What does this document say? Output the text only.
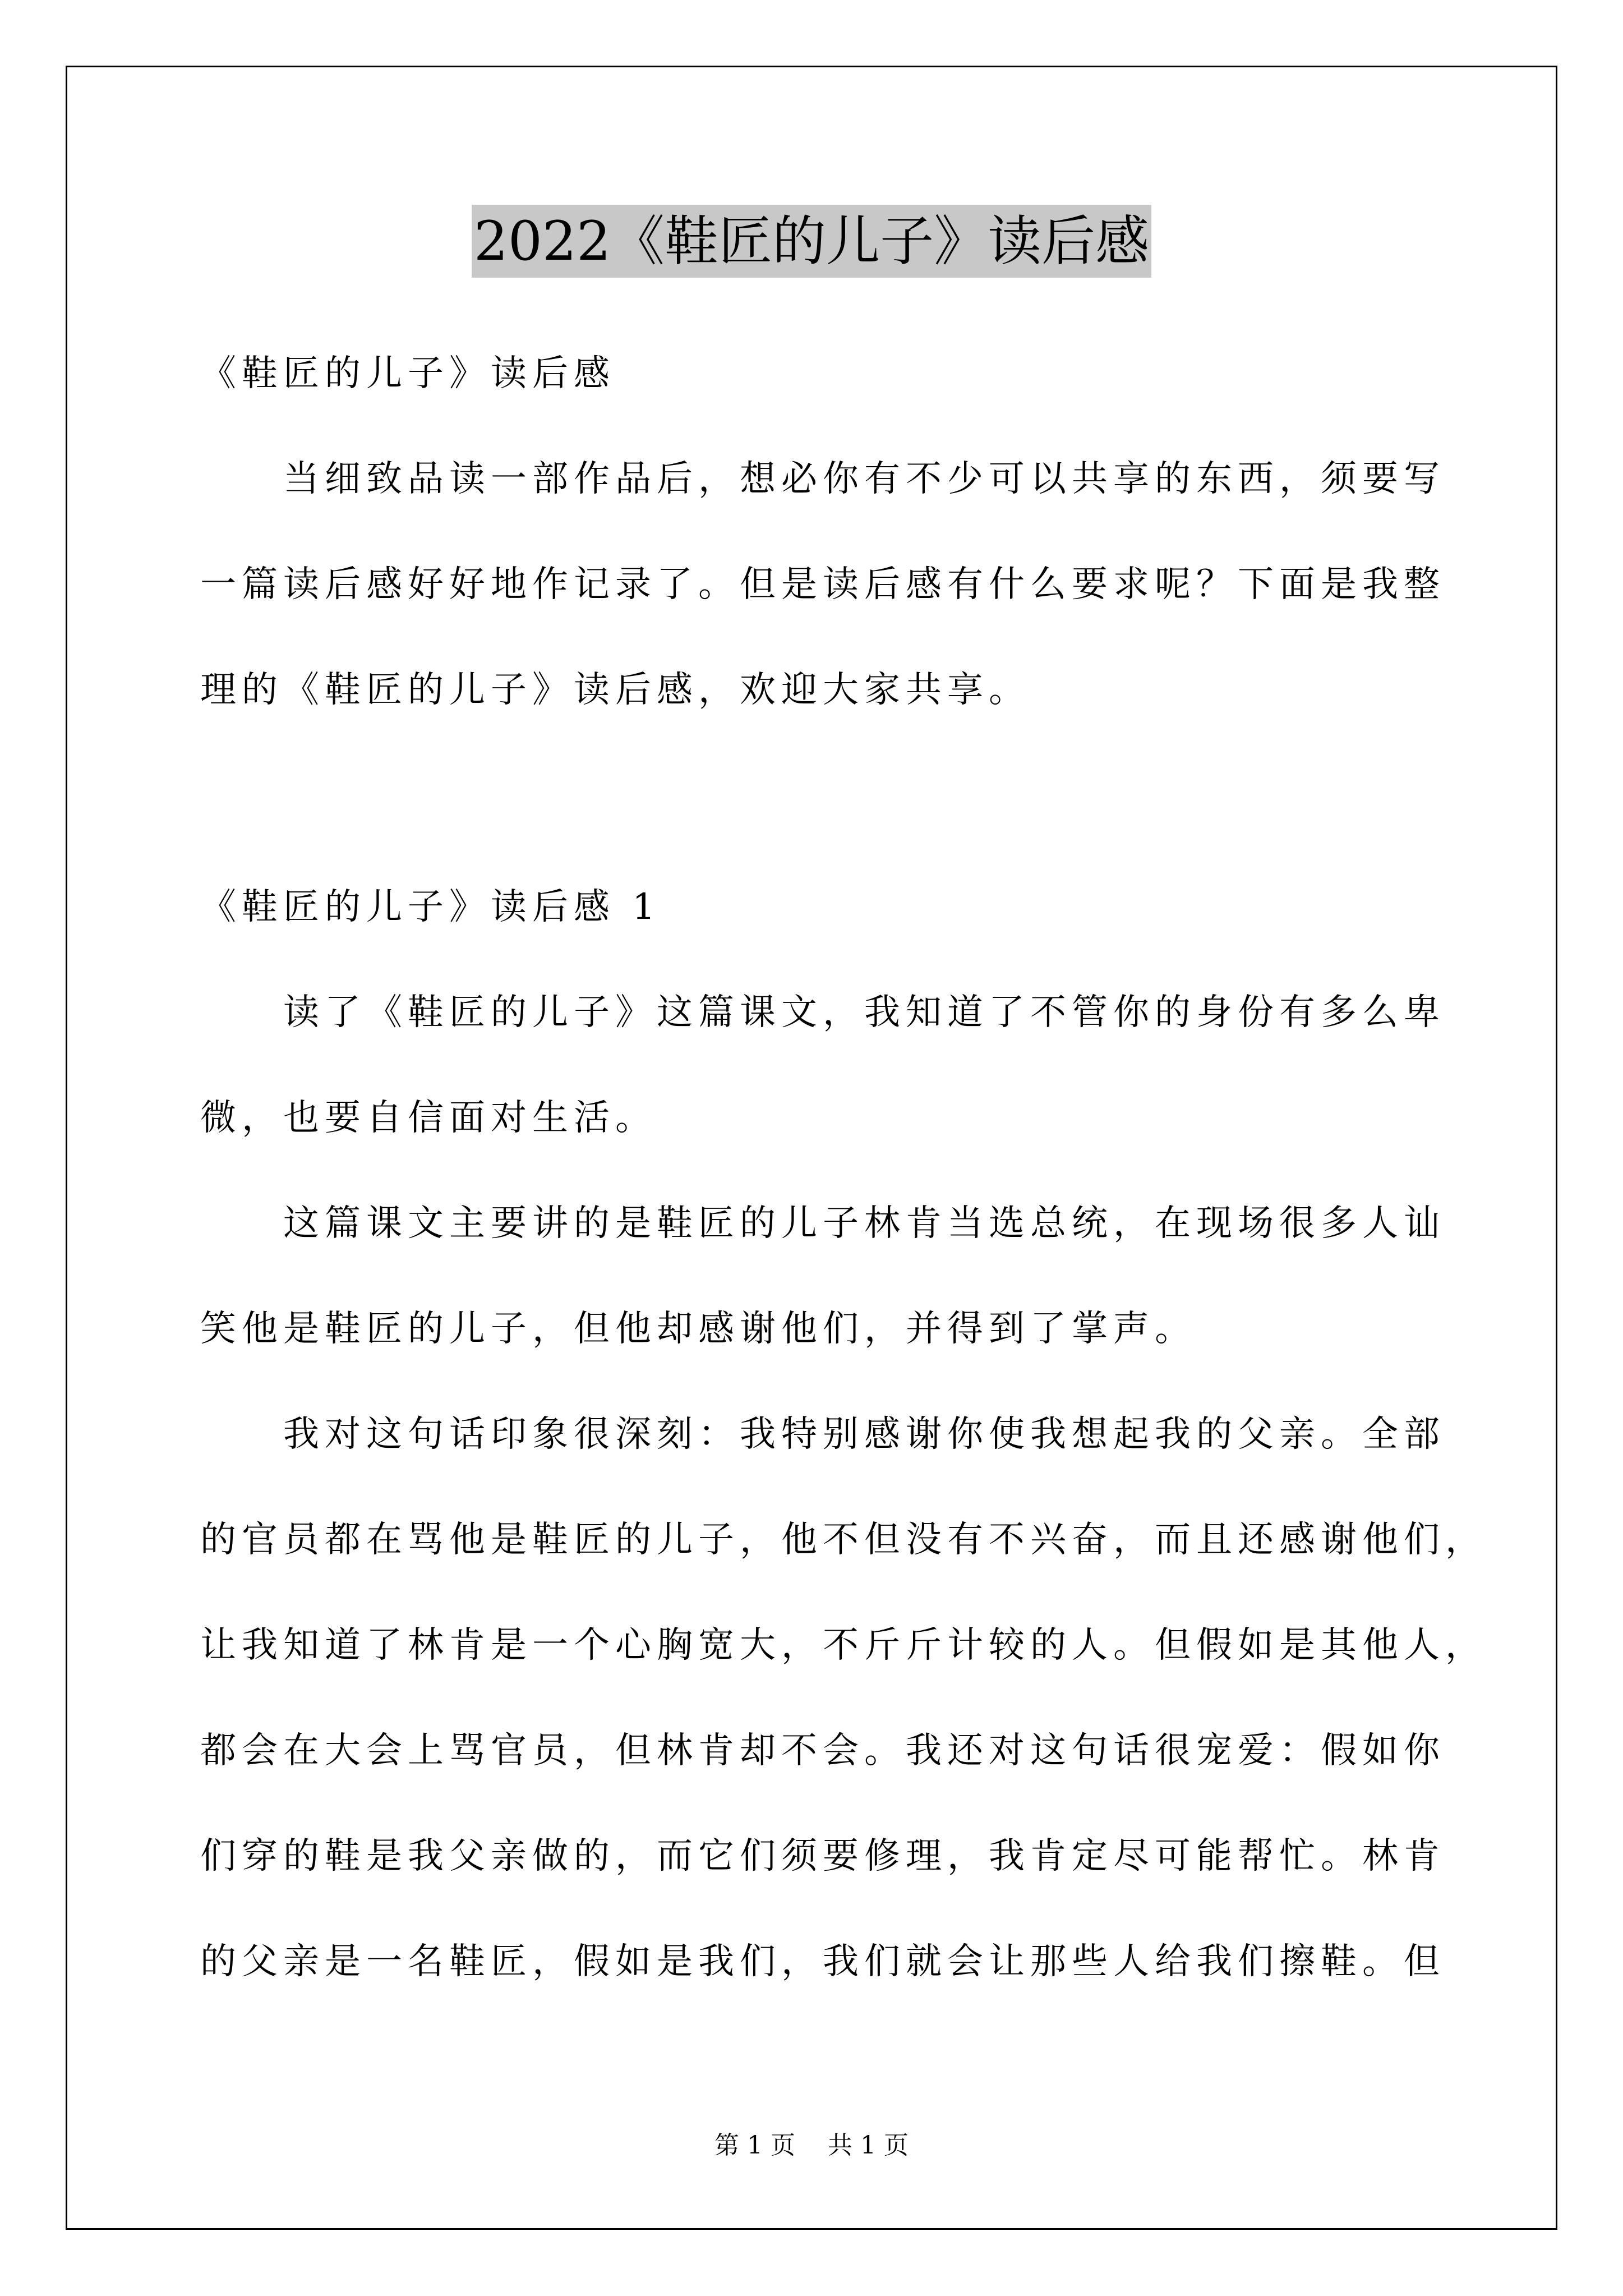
2022《鞋匠的儿子》读后感
《鞋匠的儿子》读后感
　　当细致品读一部作品后，想必你有不少可以共享的东西，须要写
一篇读后感好好地作记录了。但是读后感有什么要求呢？下面是我整
理的《鞋匠的儿子》读后感，欢迎大家共享。
《鞋匠的儿子》读后感 1
　　读了《鞋匠的儿子》这篇课文，我知道了不管你的身份有多么卑
微，也要自信面对生活。
　　这篇课文主要讲的是鞋匠的儿子林肯当选总统，在现场很多人讪
笑他是鞋匠的儿子，但他却感谢他们，并得到了掌声。
　　我对这句话印象很深刻：我特别感谢你使我想起我的父亲。全部
的官员都在骂他是鞋匠的儿子，他不但没有不兴奋，而且还感谢他们，
让我知道了林肯是一个心胸宽大，不斤斤计较的人。但假如是其他人，
都会在大会上骂官员，但林肯却不会。我还对这句话很宠爱：假如你
们穿的鞋是我父亲做的，而它们须要修理，我肯定尽可能帮忙。林肯
的父亲是一名鞋匠，假如是我们，我们就会让那些人给我们擦鞋。但
第 1 页　 共 1 页
